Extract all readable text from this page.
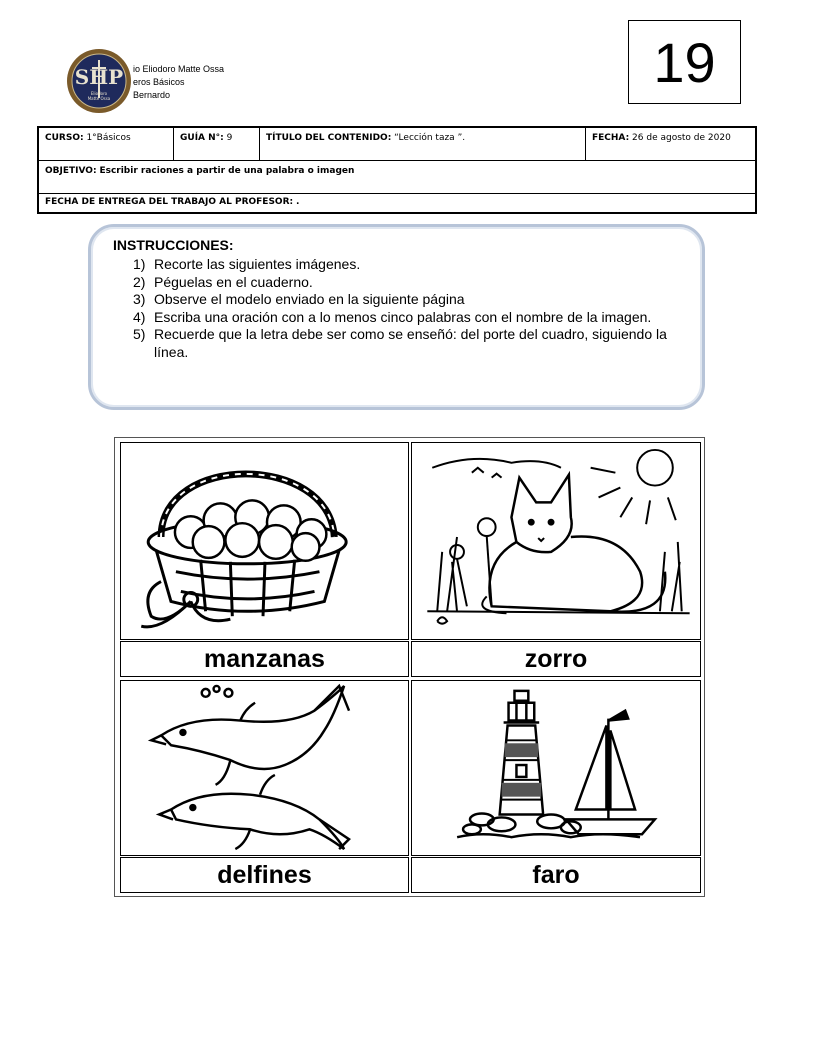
SHP
Eliodoro
Matte Ossa
io Eliodoro Matte Ossa
eros Básicos
Bernardo
19
CURSO: 1°Básicos	GUÍA N°: 9	TÍTULO DEL CONTENIDO: “Lección taza ”.	FECHA: 26 de agosto de 2020
OBJETIVO: Escribir raciones a partir de una palabra o imagen
FECHA DE ENTREGA DEL TRABAJO AL PROFESOR: .
INSTRUCCIONES:
1) Recorte las siguientes imágenes.
2) Péguelas en el cuaderno.
3) Observe el modelo enviado en la siguiente página
4) Escriba una oración con a lo menos cinco palabras con el nombre de la imagen.
5) Recuerde que la letra debe ser como se enseñó: del porte del cuadro, siguiendo la línea.
manzanas	zorro
delfines	faro
